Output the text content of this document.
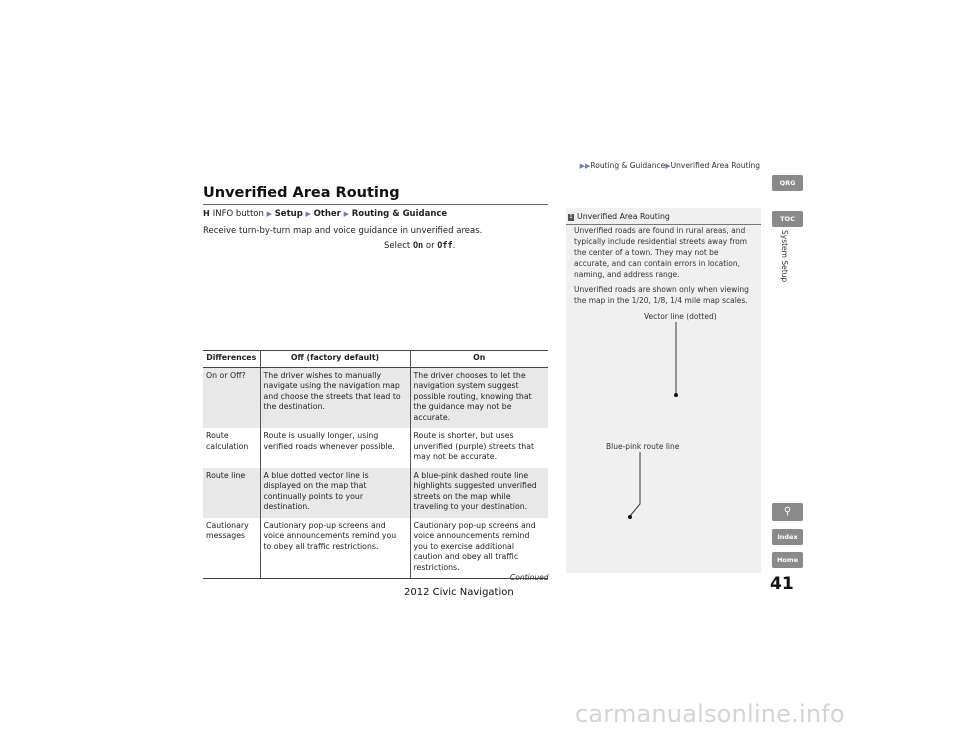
▶▶Routing & Guidance▶Unverified Area Routing
Unverified Area Routing
H INFO button ▶ Setup ▶ Other ▶ Routing & Guidance
Receive turn-by-turn map and voice guidance in unverified areas.
Select On or Off.
Differences	Off (factory default)	On
On or Off?	The driver wishes to manually navigate using the navigation map and choose the streets that lead to the destination.	The driver chooses to let the navigation system suggest possible routing, knowing that the guidance may not be accurate.
Route calculation	Route is usually longer, using verified roads whenever possible.	Route is shorter, but uses unverified (purple) streets that may not be accurate.
Route line	A blue dotted vector line is displayed on the map that continually points to your destination.	A blue-pink dashed route line highlights suggested unverified streets on the map while traveling to your destination.
Cautionary messages	Cautionary pop-up screens and voice announcements remind you to obey all traffic restrictions.	Cautionary pop-up screens and voice announcements remind you to exercise additional caution and obey all traffic restrictions.
Continued
1 Unverified Area Routing
Unverified roads are found in rural areas, and typically include residential streets away from the center of a town. They may not be accurate, and can contain errors in location, naming, and address range.
Unverified roads are shown only when viewing the map in the 1/20, 1/8, 1/4 mile map scales.
Vector line (dotted)
Blue-pink route line
41
2012 Civic Navigation
QRG
TOC
System Setup
⚲
Index
Home
carmanualsonline.info
